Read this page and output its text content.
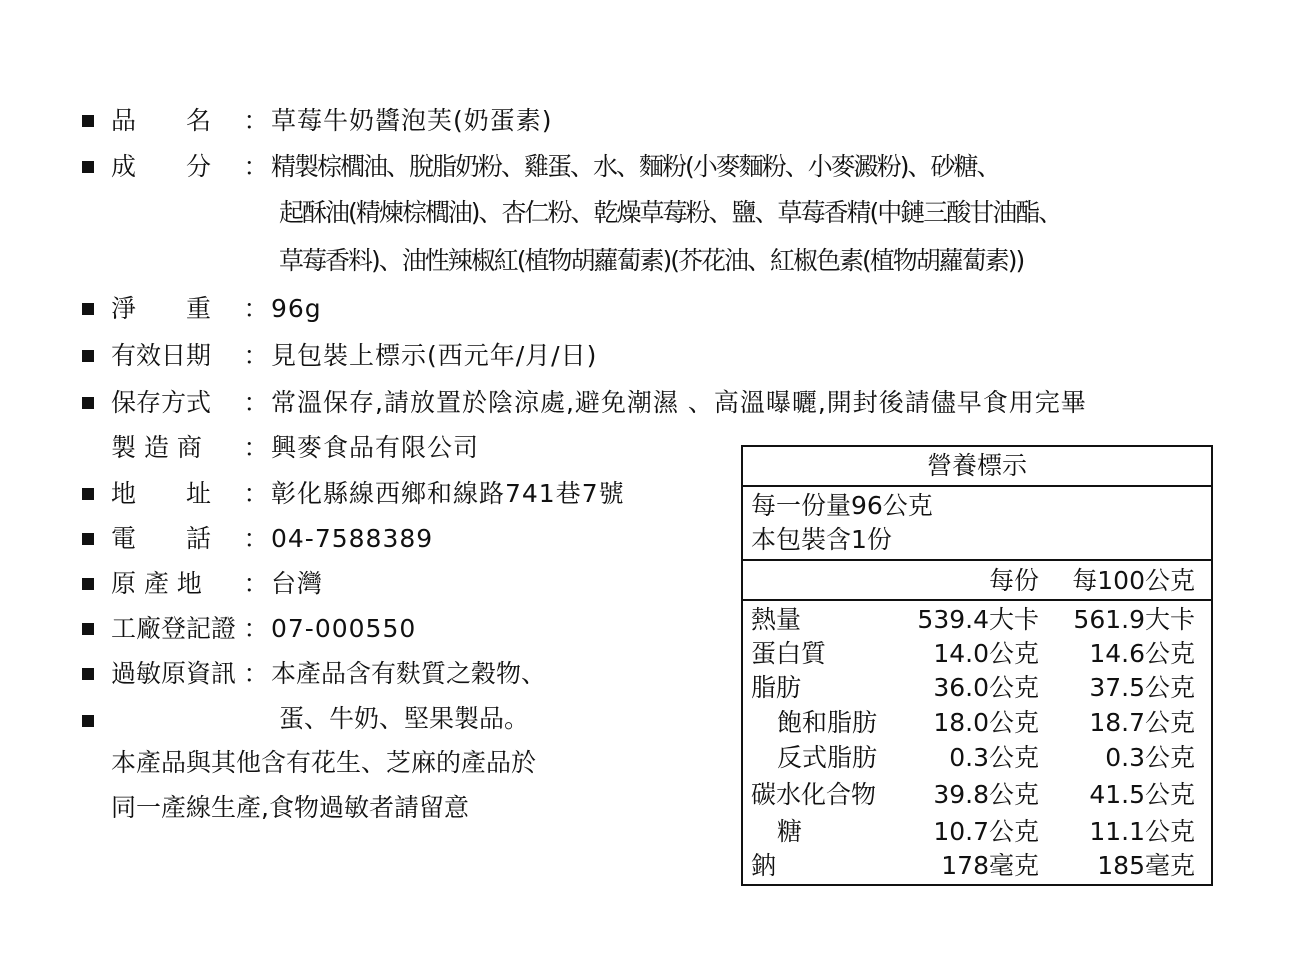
品　　名 ： 草莓牛奶醬泡芙(奶蛋素)
成　　分 ： 精製棕櫚油、脫脂奶粉、雞蛋、水、麵粉(小麥麵粉、小麥澱粉)、砂糖、
起酥油(精煉棕櫚油)、杏仁粉、乾燥草莓粉、鹽、草莓香精(中鏈三酸甘油酯、
草莓香料)、油性辣椒紅(植物胡蘿蔔素)(芥花油、紅椒色素(植物胡蘿蔔素))
淨　　重 ： 96g
有效日期 ： 見包裝上標示(西元年/月/日)
保存方式 ： 常溫保存,請放置於陰涼處,避免潮濕 、高溫曝曬,開封後請儘早食用完畢
製 造 商 ： 興麥食品有限公司
地　　址 ： 彰化縣線西鄉和線路741巷7號
電　　話 ： 04-7588389
原 產 地 ： 台灣
工廠登記證 ： 07-000550
過敏原資訊 ： 本產品含有麩質之穀物、
蛋、牛奶、堅果製品。
本產品與其他含有花生、芝麻的產品於
同一產線生產,食物過敏者請留意
營養標示
每一份量96公克
本包裝含1份
每份 每100公克
熱量	539.4大卡 561.9大卡
蛋白質	14.0公克 14.6公克
脂肪	36.0公克 37.5公克
飽和脂肪 18.0公克 18.7公克
反式脂肪	0.3公克	0.3公克
碳水化合物 39.8公克 41.5公克
糖	10.7公克 11.1公克
鈉	178毫克 185毫克
